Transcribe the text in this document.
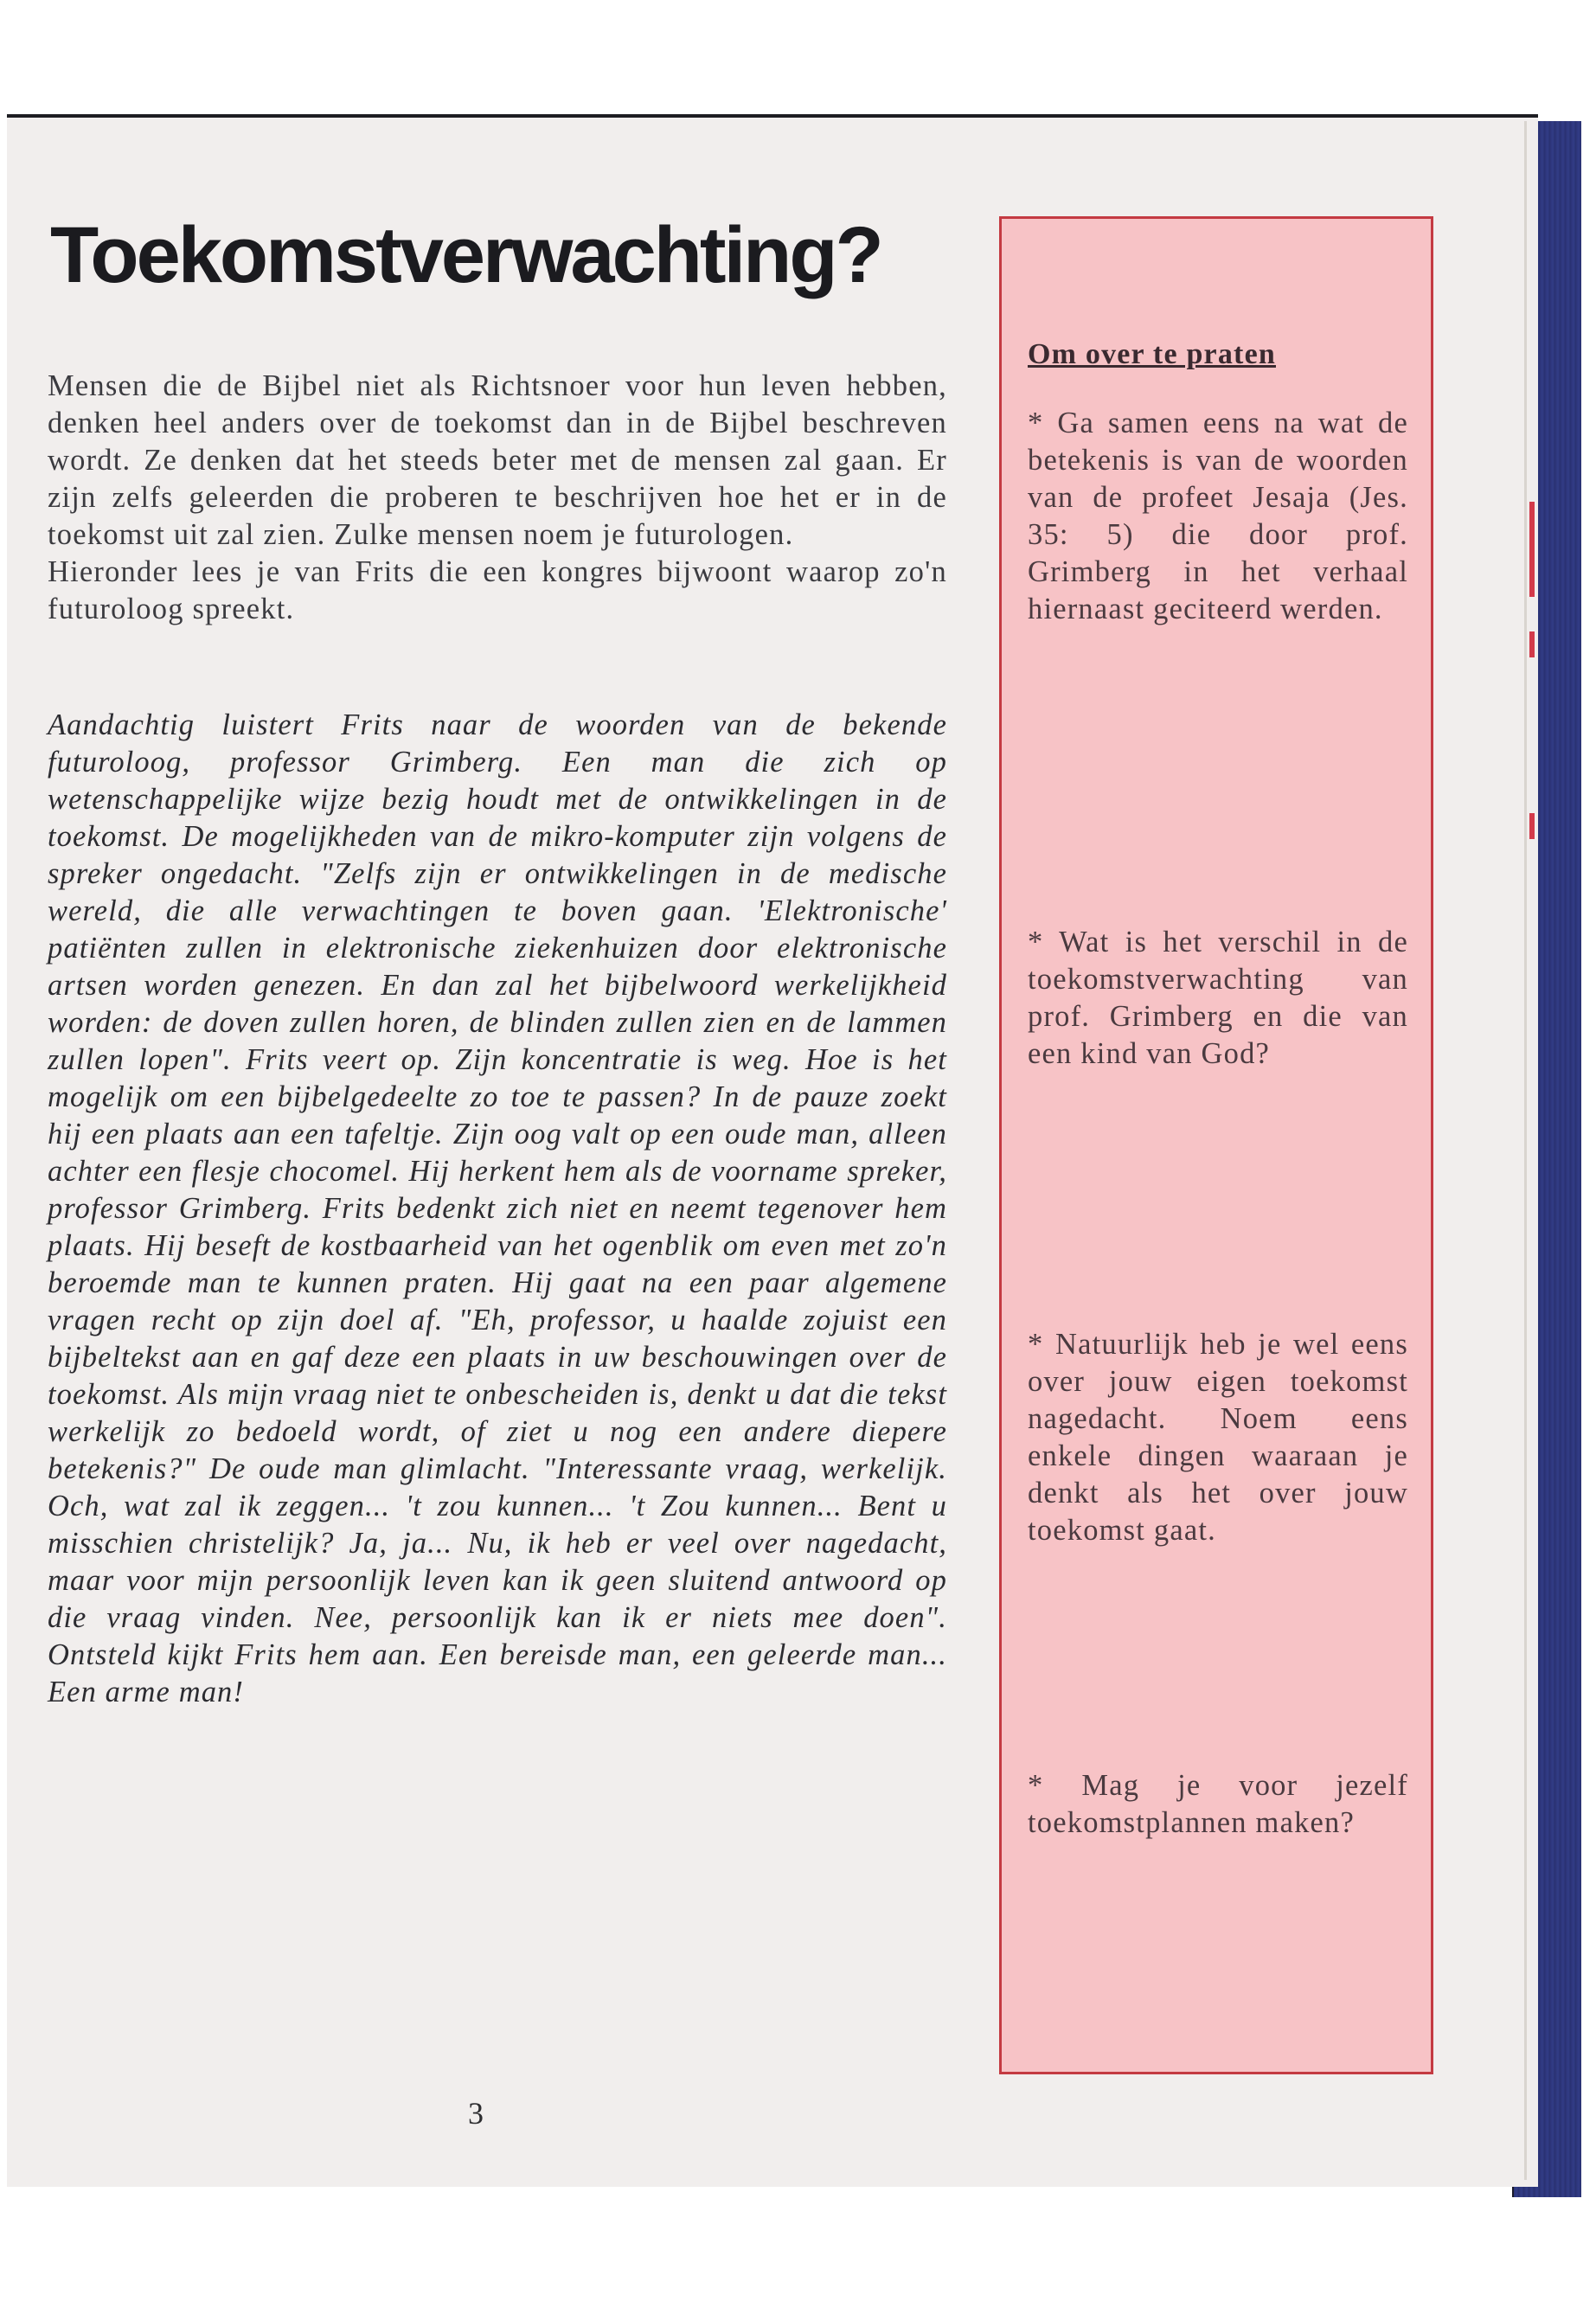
Toekomstverwachting?

Mensen die de Bijbel niet als Richtsnoer voor hun leven hebben, denken heel anders over de toekomst dan in de Bijbel beschreven wordt. Ze denken dat het steeds beter met de mensen zal gaan. Er zijn zelfs geleerden die proberen te beschrijven hoe het er in de toekomst uit zal zien. Zulke mensen noem je futurologen.

Hieronder lees je van Frits die een kongres bijwoont waarop zo'n futuroloog spreekt.

Aandachtig luistert Frits naar de woorden van de bekende futuroloog, professor Grimberg. Een man die zich op wetenschappelijke wijze bezig houdt met de ontwikkelingen in de toekomst. De mogelijkheden van de mikro-komputer zijn volgens de spreker ongedacht. "Zelfs zijn er ontwikkelingen in de medische wereld, die alle verwachtingen te boven gaan. 'Elektronische' patiënten zullen in elektronische ziekenhuizen door elektronische artsen worden genezen. En dan zal het bijbelwoord werkelijkheid worden: de doven zullen horen, de blinden zullen zien en de lammen zullen lopen". Frits veert op. Zijn koncentratie is weg. Hoe is het mogelijk om een bijbelgedeelte zo toe te passen? In de pauze zoekt hij een plaats aan een tafeltje. Zijn oog valt op een oude man, alleen achter een flesje chocomel. Hij herkent hem als de voorname spreker, professor Grimberg. Frits bedenkt zich niet en neemt tegenover hem plaats. Hij beseft de kostbaarheid van het ogenblik om even met zo'n beroemde man te kunnen praten. Hij gaat na een paar algemene vragen recht op zijn doel af. "Eh, professor, u haalde zojuist een bijbeltekst aan en gaf deze een plaats in uw beschouwingen over de toekomst. Als mijn vraag niet te onbescheiden is, denkt u dat die tekst werkelijk zo bedoeld wordt, of ziet u nog een andere diepere betekenis?" De oude man glimlacht. "Interessante vraag, werkelijk. Och, wat zal ik zeggen... 't zou kunnen... 't Zou kunnen... Bent u misschien christelijk? Ja, ja... Nu, ik heb er veel over nagedacht, maar voor mijn persoonlijk leven kan ik geen sluitend antwoord op die vraag vinden. Nee, persoonlijk kan ik er niets mee doen". Ontsteld kijkt Frits hem aan. Een bereisde man, een geleerde man... Een arme man!
Om over te praten

* Ga samen eens na wat de betekenis is van de woorden van de profeet Jesaja (Jes. 35: 5) die door prof. Grimberg in het verhaal hiernaast geciteerd werden.

* Wat is het verschil in de toekomstverwachting van prof. Grimberg en die van een kind van God?

* Natuurlijk heb je wel eens over jouw eigen toekomst nagedacht. Noem eens enkele dingen waaraan je denkt als het over jouw toekomst gaat.

* Mag je voor jezelf toekomstplannen maken?

3
